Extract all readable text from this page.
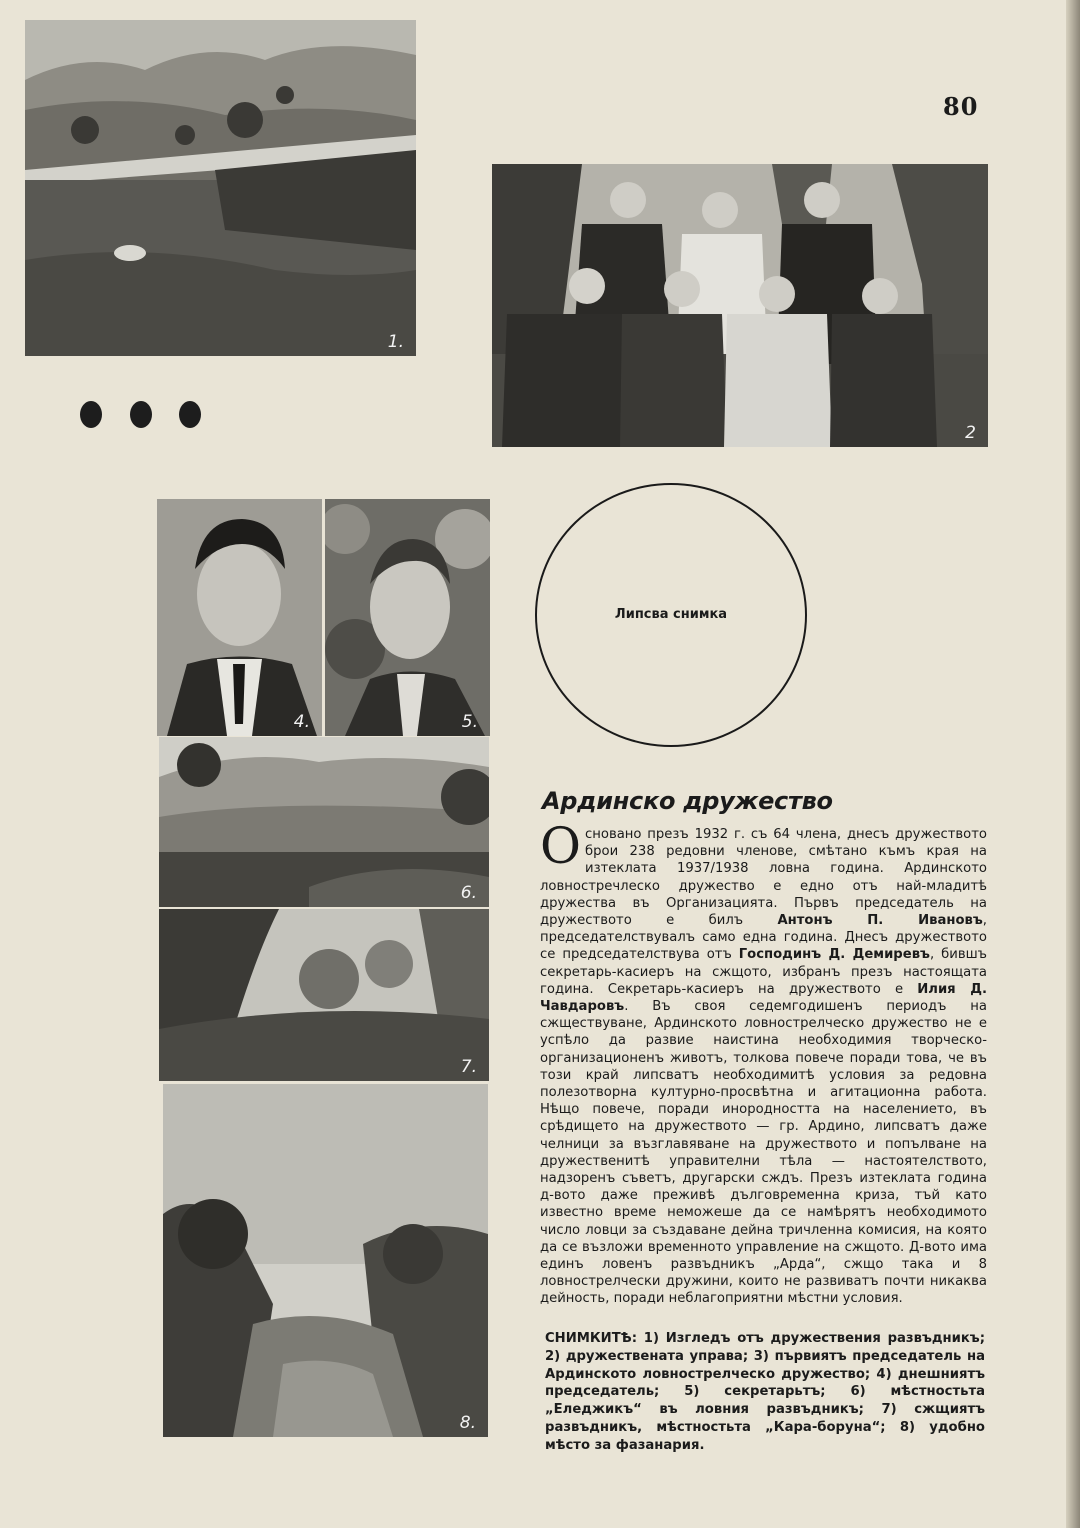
80
1.
2
4.	5.
6.
7.
8.
Липсва снимка
Ардинско дружество
Основано презъ 1932 г. съ 64 члена, днесъ дружеството брои 238 редовни членове, смѣтано къмъ края на изтеклата 1937/1938 ловна година. Ардинското ловностречлеско дружество е едно отъ най-младитѣ дружества въ Организацията. Първъ председатель на дружеството е билъ Антонъ П. Ивановъ, председателствувалъ само една година. Днесъ дружеството се председателствува отъ Господинъ Д. Демиревъ, бившъ секретарь-касиеръ на сжщото, избранъ презъ настоящата година. Секретарь-касиеръ на дружеството е Илия Д. Чавдаровъ. Въ своя седемгодишенъ периодъ на сжществуване, Ардинското ловнострелческо дружество не е успѣло да развие наистина необходимия творческо-организационенъ животъ, толкова повече поради това, че въ този край липсватъ необходимитѣ условия за редовна полезотворна културно-просвѣтна и агитационна работа. Нѣщо повече, поради инородността на населението, въ срѣдището на дружеството — гр. Ардино, липсватъ даже челници за възглавяване на дружеството и попълване на дружественитѣ управителни тѣла — настоятелството, надзоренъ съветъ, другарски сждъ. Презъ изтеклата година д-вото даже преживѣ дълговременна криза, тъй като известно време неможеше да се намѣрятъ необходимото число ловци за създаване дейна тричленна комисия, на която да се възложи временното управление на сжщото. Д-вото има единъ ловенъ развъдникъ „Арда“, сжщо така и 8 ловнострелчески дружини, които не развиватъ почти никаква дейность, поради неблагоприятни мѣстни условия.
СНИМКИТѢ: 1) Изгледъ отъ дружествения развъдникъ; 2) дружествената управа; 3) първиятъ председатель на Ардинското ловнострелческо дружество; 4) днешниятъ председатель; 5) секретарьтъ; 6) мѣстностьта „Еледжикъ“ въ ловния развъдникъ; 7) сжщиятъ развъдникъ, мѣстностьта „Кара-боруна“; 8) удобно мѣсто за фазанария.
